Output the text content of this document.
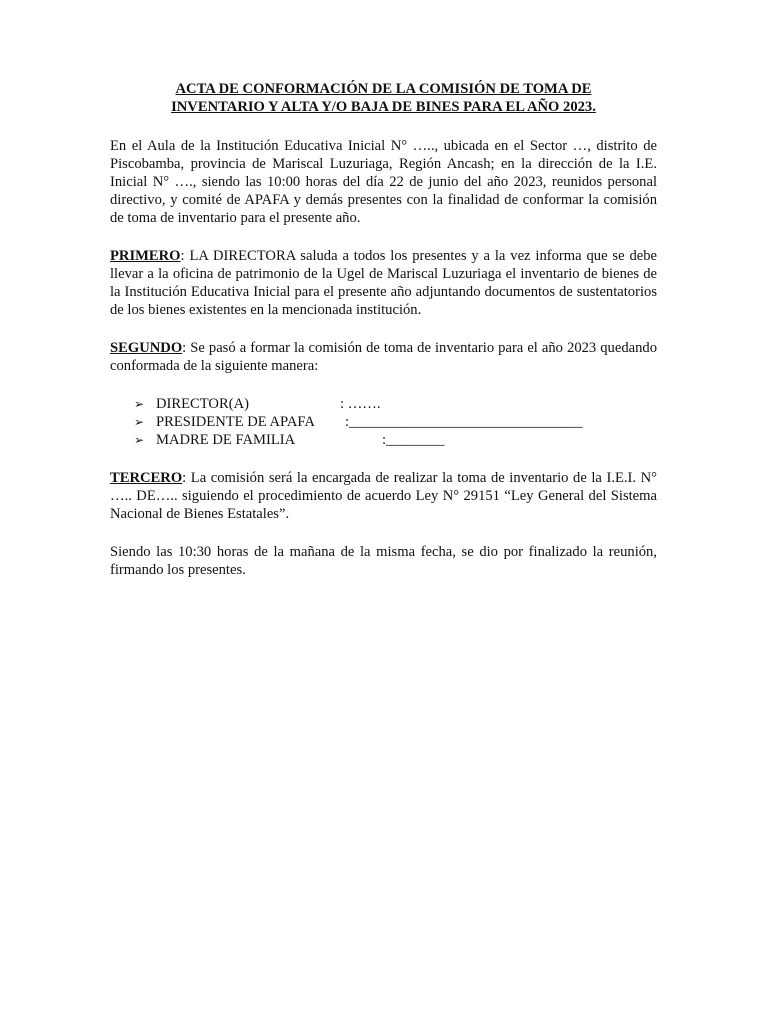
ACTA DE CONFORMACIÓN DE LA COMISIÓN DE TOMA DE
INVENTARIO Y ALTA Y/O BAJA DE BINES PARA EL AÑO 2023.

En el Aula de la Institución Educativa Inicial N° ….., ubicada en el Sector …, distrito de Piscobamba, provincia de Mariscal Luzuriaga, Región Ancash; en la dirección de la I.E. Inicial N° …., siendo las 10:00 horas del día 22 de junio del año 2023, reunidos personal directivo, y comité de APAFA y demás presentes con la finalidad de conformar la comisión de toma de inventario para el presente año.

PRIMERO: LA DIRECTORA saluda a todos los presentes y a la vez informa que se debe llevar a la oficina de patrimonio de la Ugel de Mariscal Luzuriaga el inventario de bienes de la Institución Educativa Inicial para el presente año adjuntando documentos de sustentatorios de los bienes existentes en la mencionada institución.

SEGUNDO: Se pasó a formar la comisión de toma de inventario para el año 2023 quedando conformada de la siguiente manera:

➢ DIRECTOR(A)	: …….
➢ PRESIDENTE DE APAFA :________________________________
➢ MADRE DE FAMILIA	:________

TERCERO: La comisión será la encargada de realizar la toma de inventario de la I.E.I. N° ….. DE….. siguiendo el procedimiento de acuerdo Ley N° 29151 “Ley General del Sistema Nacional de Bienes Estatales”.

Siendo las 10:30 horas de la mañana de la misma fecha, se dio por finalizado la reunión, firmando los presentes.
